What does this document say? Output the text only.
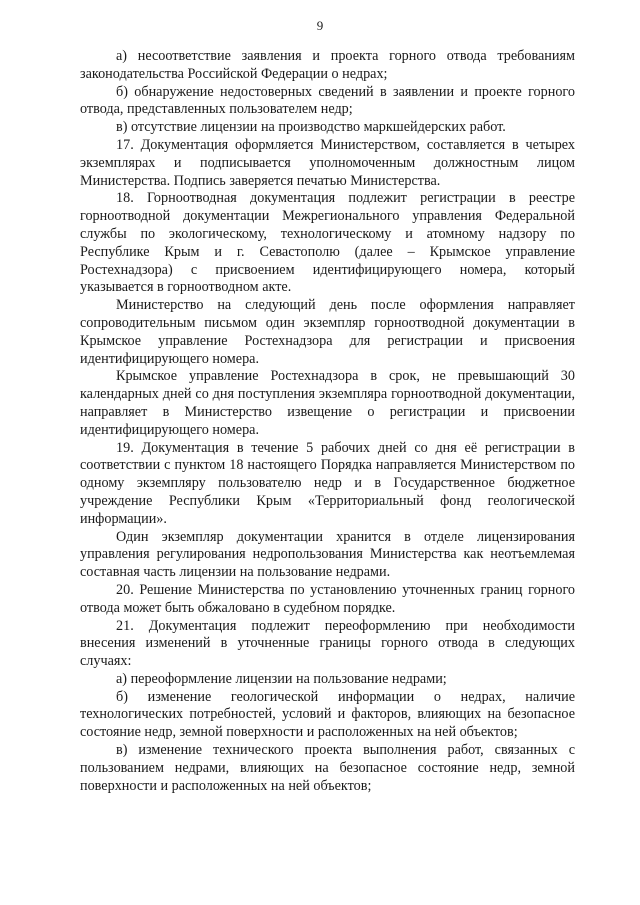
9

а) несоответствие заявления и проекта горного отвода требованиям законодательства Российской Федерации о недрах;

б) обнаружение недостоверных сведений в заявлении и проекте горного отвода, представленных пользователем недр;

в) отсутствие лицензии на производство маркшейдерских работ.

17. Документация оформляется Министерством, составляется в четырех экземплярах и подписывается уполномоченным должностным лицом Министерства. Подпись заверяется печатью Министерства.

18. Горноотводная документация подлежит регистрации в реестре горноотводной документации Межрегионального управления Федеральной службы по экологическому, технологическому и атомному надзору по Республике Крым и г. Севастополю (далее – Крымское управление Ростехнадзора) с присвоением идентифицирующего номера, который указывается в горноотводном акте.

Министерство на следующий день после оформления направляет сопроводительным письмом один экземпляр горноотводной документации в Крымское управление Ростехнадзора для регистрации и присвоения идентифицирующего номера.

Крымское управление Ростехнадзора в срок, не превышающий 30 календарных дней со дня поступления экземпляра горноотводной документации, направляет в Министерство извещение о регистрации и присвоении идентифицирующего номера.

19. Документация в течение 5 рабочих дней со дня её регистрации в соответствии с пунктом 18 настоящего Порядка направляется Министерством по одному экземпляру пользователю недр и в Государственное бюджетное учреждение Республики Крым «Территориальный фонд геологической информации».

Один экземпляр документации хранится в отделе лицензирования управления регулирования недропользования Министерства как неотъемлемая составная часть лицензии на пользование недрами.

20. Решение Министерства по установлению уточненных границ горного отвода может быть обжаловано в судебном порядке.

21. Документация подлежит переоформлению при необходимости внесения изменений в уточненные границы горного отвода в следующих случаях:

а) переоформление лицензии на пользование недрами;

б) изменение геологической информации о недрах, наличие технологических потребностей, условий и факторов, влияющих на безопасное состояние недр, земной поверхности и расположенных на ней объектов;

в) изменение технического проекта выполнения работ, связанных с пользованием недрами, влияющих на безопасное состояние недр, земной поверхности и расположенных на ней объектов;
